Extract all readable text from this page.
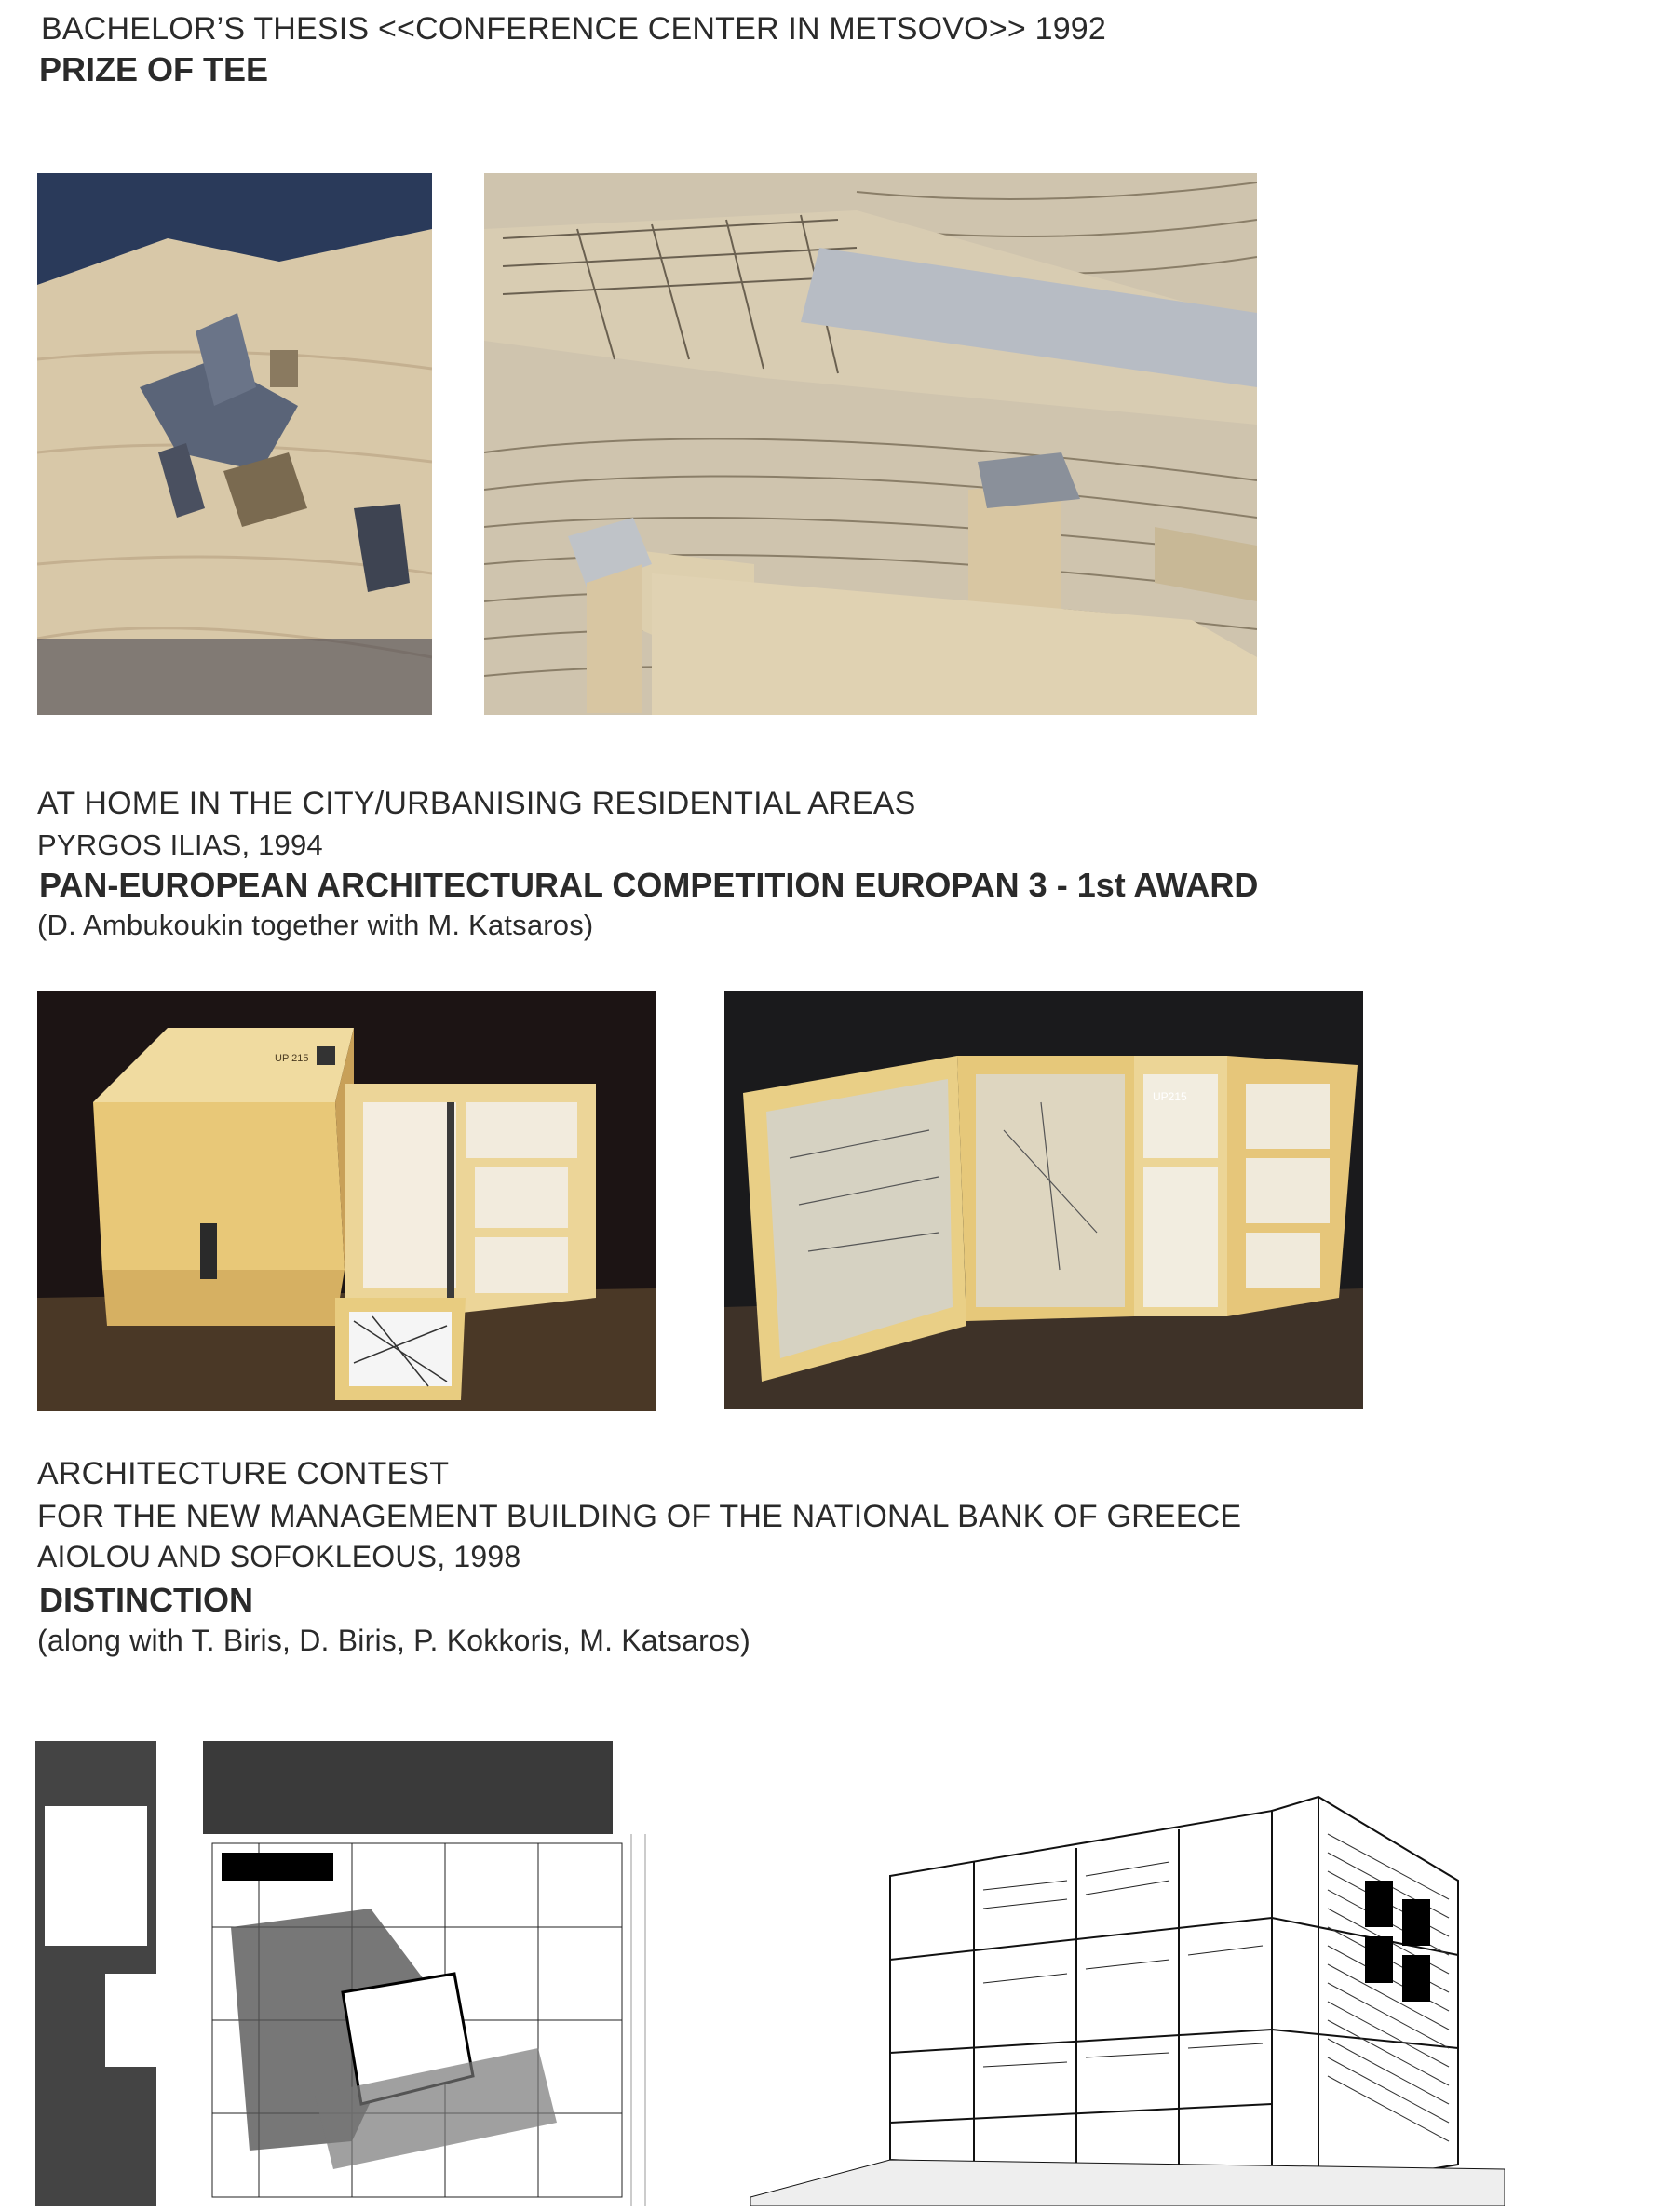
BACHELOR’S THESIS <<CONFERENCE CENTER IN METSOVO>> 1992
PRIZE OF TEE
AT HOME IN THE CITY/URBANISING RESIDENTIAL AREAS
PYRGOS ILIAS, 1994
PAN-EUROPEAN ARCHITECTURAL COMPETITION EUROPAN 3 - 1st AWARD
(D. Ambukoukin together with M. Katsaros)
UP 215
UP215
ARCHITECTURE CONTEST
FOR THE NEW MANAGEMENT BUILDING OF THE NATIONAL BANK OF GREECE
AIOLOU AND SOFOKLEOUS, 1998
DISTINCTION
(along with T. Biris, D. Biris, P. Kokkoris, M. Katsaros)
